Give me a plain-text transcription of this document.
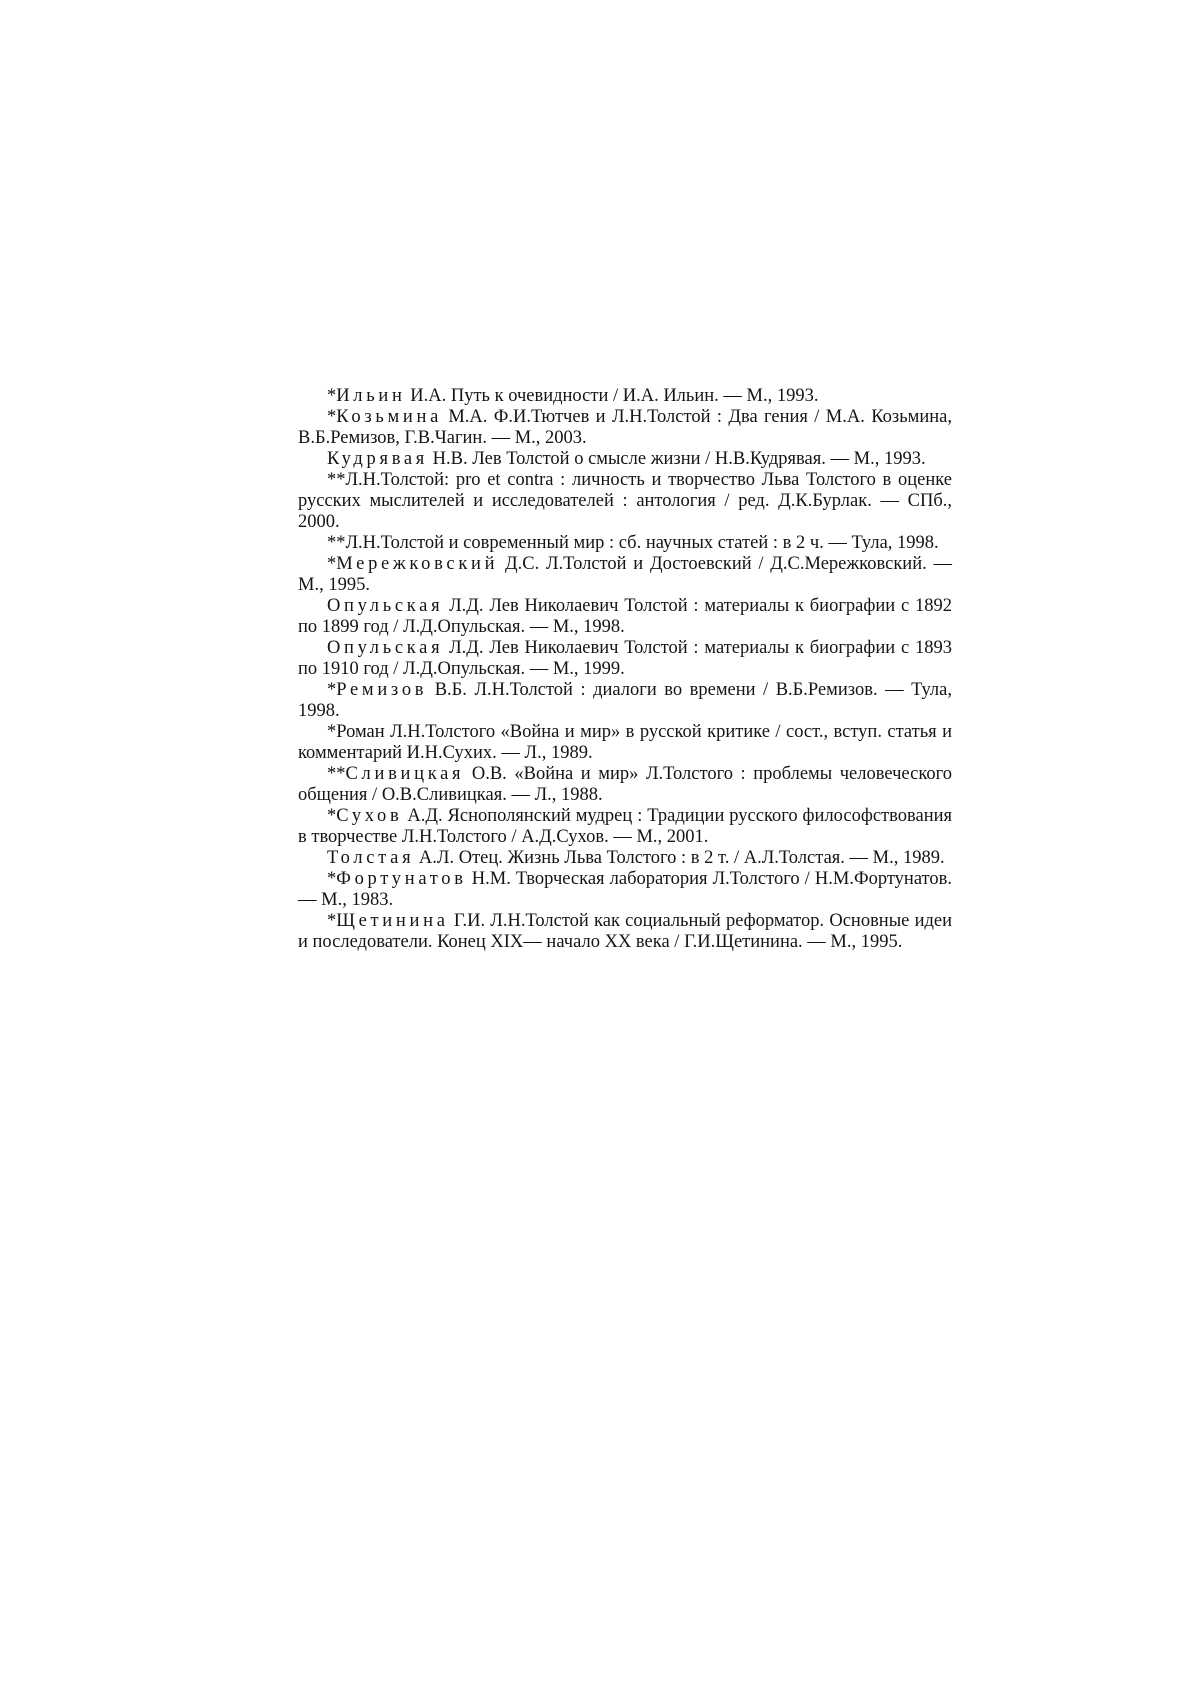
*Ильин И.А. Путь к очевидности / И.А. Ильин. — М., 1993.

*Козьмина М.А. Ф.И.Тютчев и Л.Н.Толстой : Два гения / М.А. Козьмина, В.Б.Ремизов, Г.В.Чагин. — М., 2003.

Кудрявая Н.В. Лев Толстой о смысле жизни / Н.В.Кудрявая. — М., 1993.

**Л.Н.Толстой: pro et contra : личность и творчество Льва Толстого в оценке русских мыслителей и исследователей : антология / ред. Д.К.Бурлак. — СПб., 2000.

**Л.Н.Толстой и современный мир : сб. научных статей : в 2 ч. — Тула, 1998.

*Мережковский Д.С. Л.Толстой и Достоевский / Д.С.Мережковский. — М., 1995.

Опульская Л.Д. Лев Николаевич Толстой : материалы к биографии с 1892 по 1899 год / Л.Д.Опульская. — М., 1998.

Опульская Л.Д. Лев Николаевич Толстой : материалы к биографии с 1893 по 1910 год / Л.Д.Опульская. — М., 1999.

*Ремизов В.Б. Л.Н.Толстой : диалоги во времени / В.Б.Ремизов. — Тула, 1998.

*Роман Л.Н.Толстого «Война и мир» в русской критике / сост., вступ. статья и комментарий И.Н.Сухих. — Л., 1989.

**Сливицкая О.В. «Война и мир» Л.Толстого : проблемы человеческого общения / О.В.Сливицкая. — Л., 1988.

*Сухов А.Д. Яснополянский мудрец : Традиции русского философствования в творчестве Л.Н.Толстого / А.Д.Сухов. — М., 2001.

Толстая А.Л. Отец. Жизнь Льва Толстого : в 2 т. / А.Л.Толстая. — М., 1989.

*Фортунатов Н.М. Творческая лаборатория Л.Толстого / Н.М.Фортунатов. — М., 1983.

*Щетинина Г.И. Л.Н.Толстой как социальный реформатор. Основные идеи и последователи. Конец XIX— начало XX века / Г.И.Щетинина. — М., 1995.
